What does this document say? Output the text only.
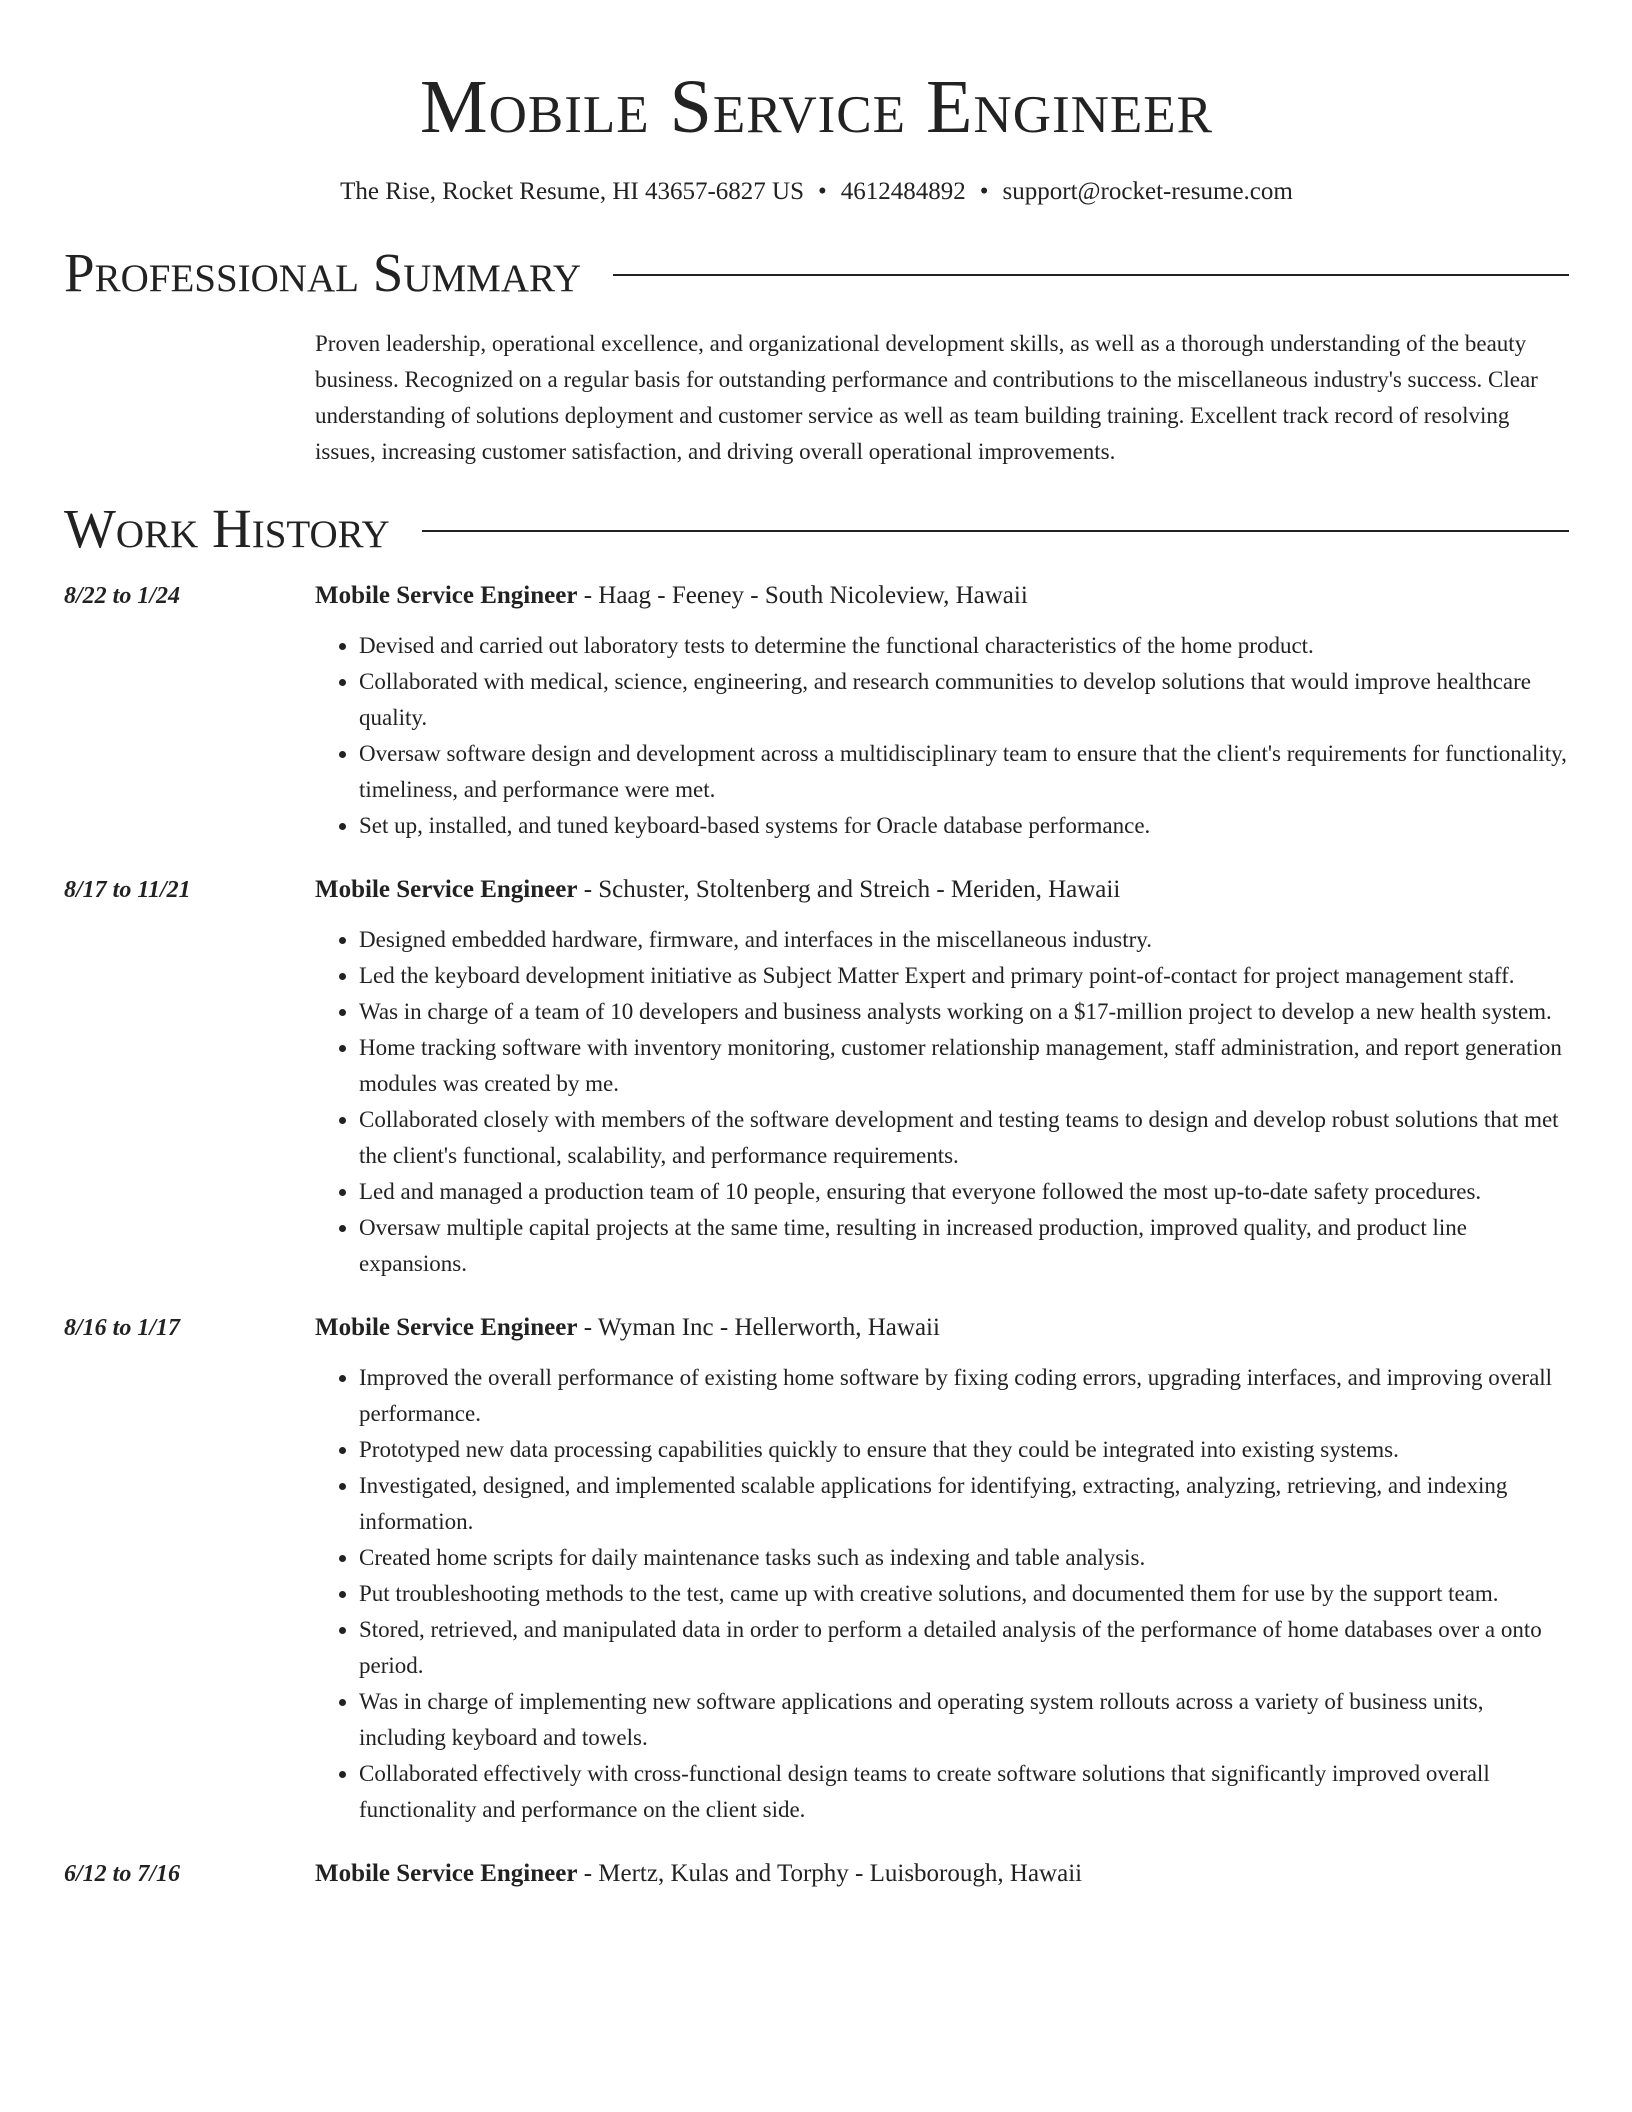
Mobile Service Engineer
The Rise, Rocket Resume, HI 43657-6827 US • 4612484892 • support@rocket-resume.com
Professional Summary
Proven leadership, operational excellence, and organizational development skills, as well as a thorough understanding of the beauty business. Recognized on a regular basis for outstanding performance and contributions to the miscellaneous industry's success. Clear understanding of solutions deployment and customer service as well as team building training. Excellent track record of resolving issues, increasing customer satisfaction, and driving overall operational improvements.
Work History
8/22 to 1/24	Mobile Service Engineer - Haag - Feeney - South Nicoleview, Hawaii
• Devised and carried out laboratory tests to determine the functional characteristics of the home product.
• Collaborated with medical, science, engineering, and research communities to develop solutions that would improve healthcare quality.
• Oversaw software design and development across a multidisciplinary team to ensure that the client's requirements for functionality, timeliness, and performance were met.
• Set up, installed, and tuned keyboard-based systems for Oracle database performance.
8/17 to 11/21	Mobile Service Engineer - Schuster, Stoltenberg and Streich - Meriden, Hawaii
• Designed embedded hardware, firmware, and interfaces in the miscellaneous industry.
• Led the keyboard development initiative as Subject Matter Expert and primary point-of-contact for project management staff.
• Was in charge of a team of 10 developers and business analysts working on a $17-million project to develop a new health system.
• Home tracking software with inventory monitoring, customer relationship management, staff administration, and report generation modules was created by me.
• Collaborated closely with members of the software development and testing teams to design and develop robust solutions that met the client's functional, scalability, and performance requirements.
• Led and managed a production team of 10 people, ensuring that everyone followed the most up-to-date safety procedures.
• Oversaw multiple capital projects at the same time, resulting in increased production, improved quality, and product line expansions.
8/16 to 1/17	Mobile Service Engineer - Wyman Inc - Hellerworth, Hawaii
• Improved the overall performance of existing home software by fixing coding errors, upgrading interfaces, and improving overall performance.
• Prototyped new data processing capabilities quickly to ensure that they could be integrated into existing systems.
• Investigated, designed, and implemented scalable applications for identifying, extracting, analyzing, retrieving, and indexing information.
• Created home scripts for daily maintenance tasks such as indexing and table analysis.
• Put troubleshooting methods to the test, came up with creative solutions, and documented them for use by the support team.
• Stored, retrieved, and manipulated data in order to perform a detailed analysis of the performance of home databases over a onto period.
• Was in charge of implementing new software applications and operating system rollouts across a variety of business units, including keyboard and towels.
• Collaborated effectively with cross-functional design teams to create software solutions that significantly improved overall functionality and performance on the client side.
6/12 to 7/16	Mobile Service Engineer - Mertz, Kulas and Torphy - Luisborough, Hawaii
